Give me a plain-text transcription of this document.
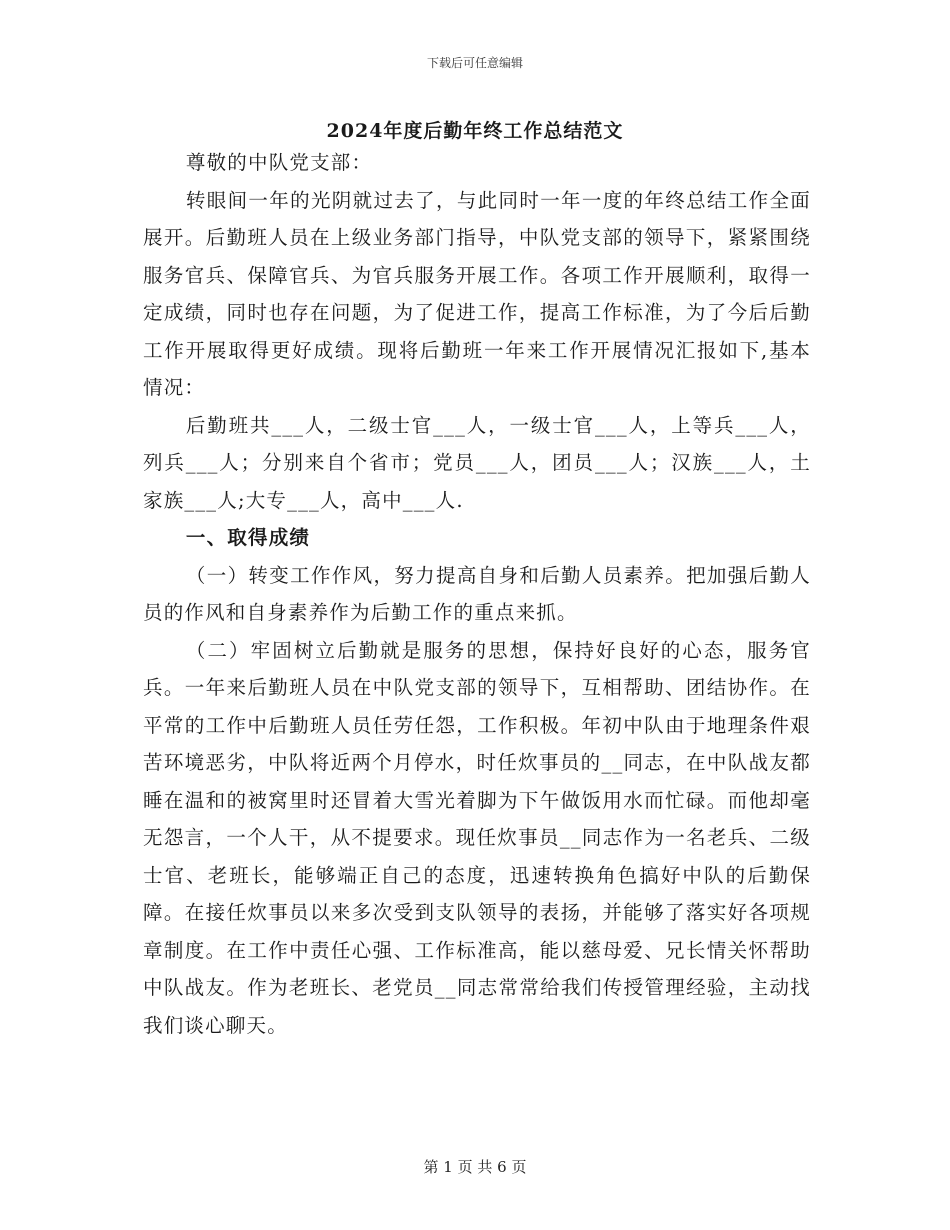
下载后可任意编辑
2024年度后勤年终工作总结范文

尊敬的中队党支部：

转眼间一年的光阴就过去了，与此同时一年一度的年终总结工作全面展开。后勤班人员在上级业务部门指导，中队党支部的领导下，紧紧围绕服务官兵、保障官兵、为官兵服务开展工作。各项工作开展顺利，取得一定成绩，同时也存在问题，为了促进工作，提高工作标准，为了今后后勤工作开展取得更好成绩。现将后勤班一年来工作开展情况汇报如下,基本情况：

后勤班共___人，二级士官___人，一级士官___人，上等兵___人，列兵___人；分别来自个省市；党员___人，团员___人；汉族___人，土家族___人;大专___人，高中___人.

一、取得成绩

（一）转变工作作风，努力提高自身和后勤人员素养。把加强后勤人员的作风和自身素养作为后勤工作的重点来抓。

（二）牢固树立后勤就是服务的思想，保持好良好的心态，服务官兵。一年来后勤班人员在中队党支部的领导下，互相帮助、团结协作。在平常的工作中后勤班人员任劳任怨，工作积极。年初中队由于地理条件艰苦环境恶劣，中队将近两个月停水，时任炊事员的__同志，在中队战友都睡在温和的被窝里时还冒着大雪光着脚为下午做饭用水而忙碌。而他却毫无怨言，一个人干，从不提要求。现任炊事员__同志作为一名老兵、二级士官、老班长，能够端正自己的态度，迅速转换角色搞好中队的后勤保障。在接任炊事员以来多次受到支队领导的表扬，并能够了落实好各项规章制度。在工作中责任心强、工作标准高，能以慈母爱、兄长情关怀帮助中队战友。作为老班长、老党员__同志常常给我们传授管理经验，主动找我们谈心聊天。

第 1 页 共 6 页
